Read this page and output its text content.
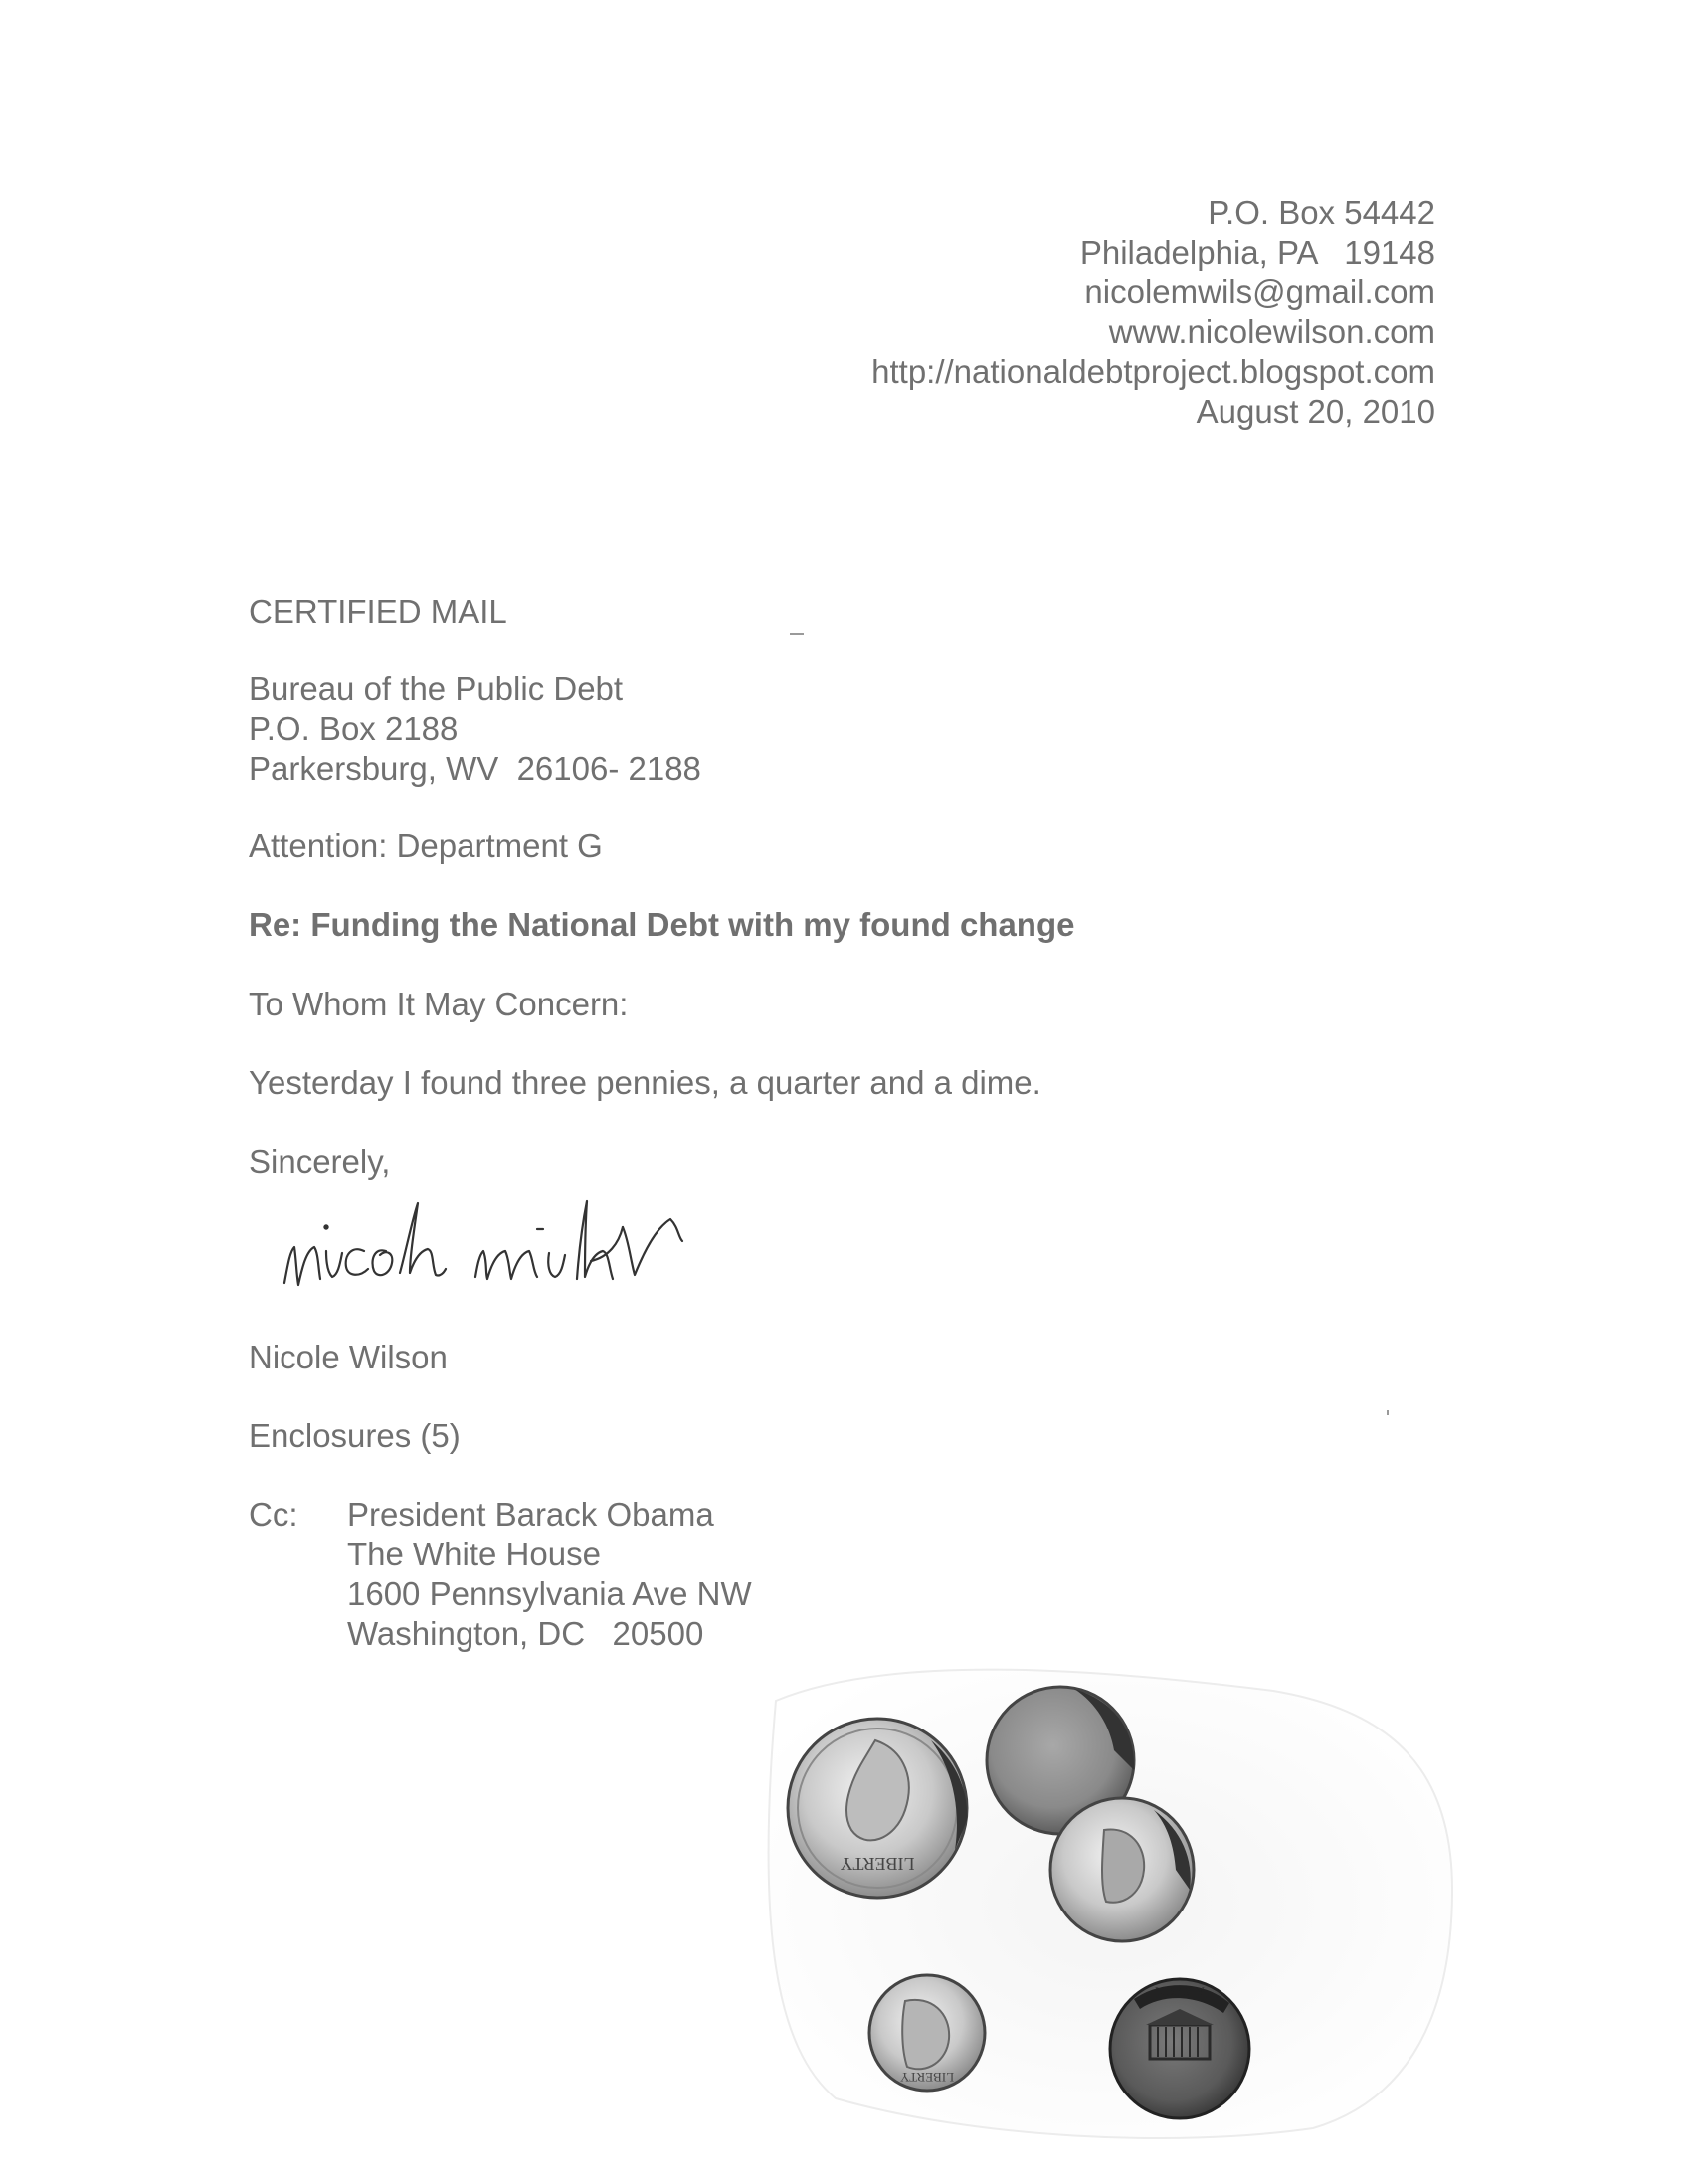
P.O. Box 54442
Philadelphia, PA   19148
nicolemwils@gmail.com
www.nicolewilson.com
http://nationaldebtproject.blogspot.com
August 20, 2010
CERTIFIED MAIL
Bureau of the Public Debt
P.O. Box 2188
Parkersburg, WV  26106- 2188
Attention: Department G
Re: Funding the National Debt with my found change
To Whom It May Concern:
Yesterday I found three pennies, a quarter and a dime.
Sincerely,
Nicole Wilson
Enclosures (5)
Cc: President Barack Obama
The White House
1600 Pennsylvania Ave NW
Washington, DC   20500
LIBERTY
LIBERTY
LIBERTY
